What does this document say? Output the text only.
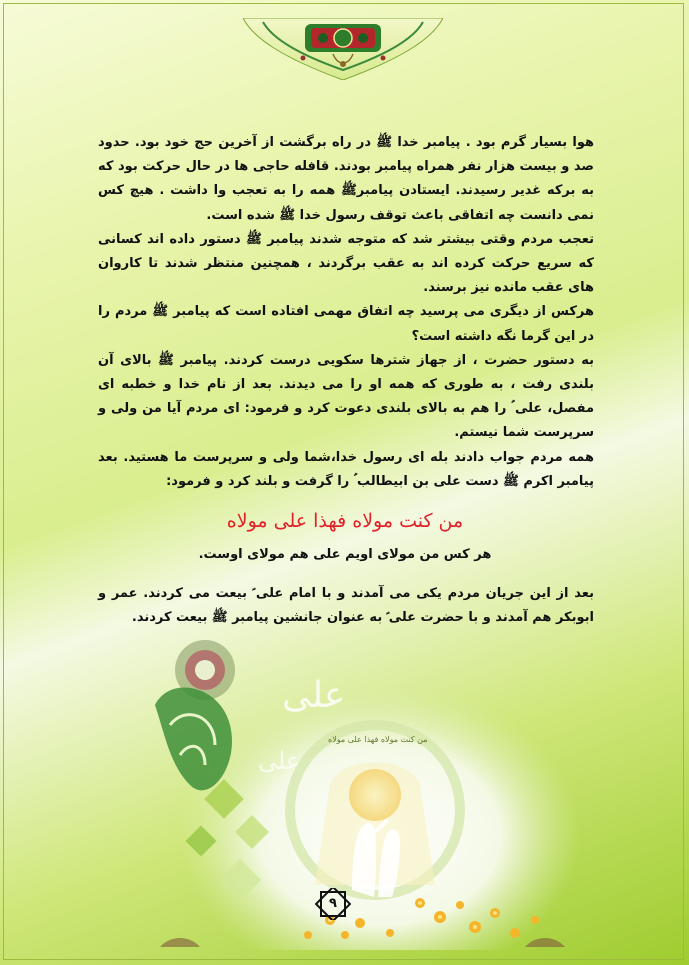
هوا بسیار گرم بود . پیامبر خدا ﷺ در راه برگشت از آخرین حج خود بود. حدود صد و بیست هزار نفر همراه پیامبر بودند. قافله حاجی ها در حال حرکت بود که به برکه غدیر رسیدند. ایستادن پیامبرﷺ همه را به تعجب وا داشت . هیچ کس نمی دانست چه اتفاقی باعث توقف رسول خدا ﷺ شده است.

تعجب مردم وقتی بیشتر شد که متوجه شدند پیامبر ﷺ دستور داده اند کسانی که سریع حرکت کرده اند به عقب برگردند ، همچنین منتظر شدند تا کاروان های عقب مانده نیز برسند.

هرکس از دیگری می پرسید چه اتفاق مهمی افتاده است که پیامبر ﷺ مردم را در این گرما نگه داشته است؟

به دستور حضرت ، از جهاز شترها سکویی درست کردند. پیامبر ﷺ بالای آن بلندی رفت ، به طوری که همه او را می دیدند. بعد از نام خدا و خطبه ای مفصل، علی ؑ را هم به بالای بلندی دعوت کرد و فرمود: ای مردم آیا من ولی و سرپرست شما نیستم.

همه مردم جواب دادند بله ای رسول خدا،شما ولی و سرپرست ما هستید. بعد پیامبر اکرم ﷺ دست علی بن ابیطالب ؑ را گرفت و بلند کرد و فرمود:

من کنت مولاه فهذا علی مولاه
هر کس من مولای اویم علی هم مولای اوست.
بعد از این جریان مردم یکی می آمدند و با امام علی ؑ بیعت می کردند. عمر و ابوبکر هم آمدند و با حضرت علی ؑ به عنوان جانشین پیامبر ﷺ بیعت کردند.
علی
علی
من کنت مولاه فهذا علی مولاه
۹
